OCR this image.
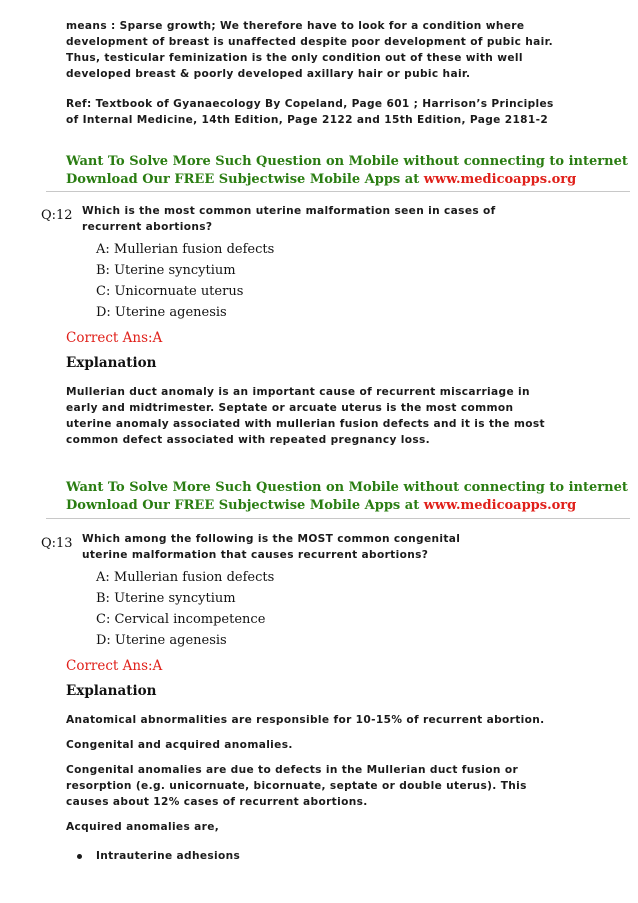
means : Sparse growth; We therefore have to look for a condition where development of breast is unaffected despite poor development of pubic hair. Thus, testicular feminization is the only condition out of these with well developed breast & poorly developed axillary hair or pubic hair.

Ref: Textbook of Gyanaecology By Copeland, Page 601 ; Harrison’s Principles of Internal Medicine, 14th Edition, Page 2122 and 15th Edition, Page 2181-2

Want To Solve More Such Question on Mobile without connecting to internet
Download Our FREE Subjectwise Mobile Apps at www.medicoapps.org
Q:12 Which is the most common uterine malformation seen in cases of recurrent abortions?

A: Mullerian fusion defects
B: Uterine syncytium
C: Unicornuate uterus
D: Uterine agenesis
Correct Ans:A
Explanation

Mullerian duct anomaly is an important cause of recurrent miscarriage in early and midtrimester. Septate or arcuate uterus is the most common uterine anomaly associated with mullerian fusion defects and it is the most common defect associated with repeated pregnancy loss.

Want To Solve More Such Question on Mobile without connecting to internet
Download Our FREE Subjectwise Mobile Apps at www.medicoapps.org
Q:13 Which among the following is the MOST common congenital uterine malformation that causes recurrent abortions?

A: Mullerian fusion defects
B: Uterine syncytium
C: Cervical incompetence
D: Uterine agenesis
Correct Ans:A
Explanation

Anatomical abnormalities are responsible for 10-15% of recurrent abortion.

Congenital and acquired anomalies.

Congenital anomalies are due to defects in the Mullerian duct fusion or resorption (e.g. unicornuate, bicornuate, septate or double uterus). This causes about 12% cases of recurrent abortions.

Acquired anomalies are,

Intrauterine adhesions
